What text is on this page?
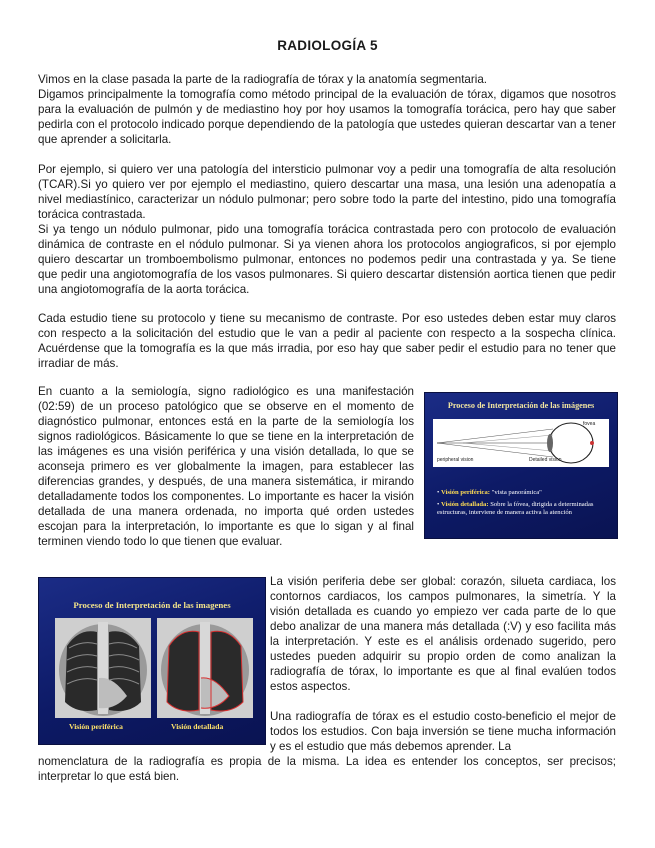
RADIOLOGÍA 5

Vimos en la clase pasada la parte de la radiografía de tórax y la anatomía segmentaria.

Digamos principalmente la tomografía como método principal de la evaluación de tórax, digamos que nosotros para la evaluación de pulmón y de mediastino hoy por hoy usamos la tomografía torácica, pero hay que saber pedirla con el protocolo indicado porque dependiendo de la patología que ustedes quieran descartar van a tener que aprender a solicitarla.

Por ejemplo, si quiero ver una patología del intersticio pulmonar voy a pedir una tomografía de alta resolución (TCAR).Si yo quiero ver por ejemplo el mediastino, quiero descartar una masa, una lesión una adenopatía a nivel mediastínico, caracterizar un nódulo pulmonar; pero sobre todo la parte del intestino, pido una tomografía torácica contrastada.

Si ya tengo un nódulo pulmonar, pido una tomografía torácica contrastada pero con protocolo de evaluación dinámica de contraste en el nódulo pulmonar. Si ya vienen ahora los protocolos angiograficos, si por ejemplo quiero descartar un tromboembolismo pulmonar, entonces no podemos pedir una contrastada y ya. Se tiene que pedir una angiotomografía de los vasos pulmonares. Si quiero descartar distensión aortica tienen que pedir una angiotomografía de la aorta torácica.

Cada estudio tiene su protocolo y tiene su mecanismo de contraste. Por eso ustedes deben estar muy claros con respecto a la solicitación del estudio que le van a pedir al paciente con respecto a la sospecha clínica. Acuérdense que la tomografía es la que más irradia, por eso hay que saber pedir el estudio para no tener que irradiar de más.

En cuanto a la semiología, signo radiológico es una manifestación (02:59) de un proceso patológico que se observe en el momento de diagnóstico pulmonar, entonces está en la parte de la semiología los signos radiológicos. Básicamente lo que se tiene en la interpretación de las imágenes es una visión periférica y una visión detallada, lo que se aconseja primero es ver globalmente la imagen, para establecer las diferencias grandes, y después, de una manera sistemática, ir mirando detalladamente todos los componentes. Lo importante es hacer la visión detallada de una manera ordenada, no importa qué orden ustedes escojan para la interpretación, lo importante es que lo sigan y al final terminen viendo todo lo que tienen que evaluar.

Proceso de Interpretación de las imágenes
fovea
peripheral vision	Detailed vision
• Visión periférica: "vista panorámica"
• Visión detallada: Sobre la fóvea, dirigida a determinadas estructuras, interviene de manera activa la atención
Proceso de Interpretación de las imagenes
Visión periférica	Visión detallada

La visión periferia debe ser global: corazón, silueta cardiaca, los contornos cardiacos, los campos pulmonares, la simetría. Y la visión detallada es cuando yo empiezo ver cada parte de lo que debo analizar de una manera más detallada (:V) y eso facilita más la interpretación. Y este es el análisis ordenado sugerido, pero ustedes pueden adquirir su propio orden de como analizan la radiografía de tórax, lo importante es que al final evalúen todos estos aspectos.

Una radiografía de tórax es el estudio costo-beneficio el mejor de todos los estudios. Con baja inversión se tiene mucha información y es el estudio que más debemos aprender. La

nomenclatura de la radiografía es propia de la misma. La idea es entender los conceptos, ser precisos; interpretar lo que está bien.
